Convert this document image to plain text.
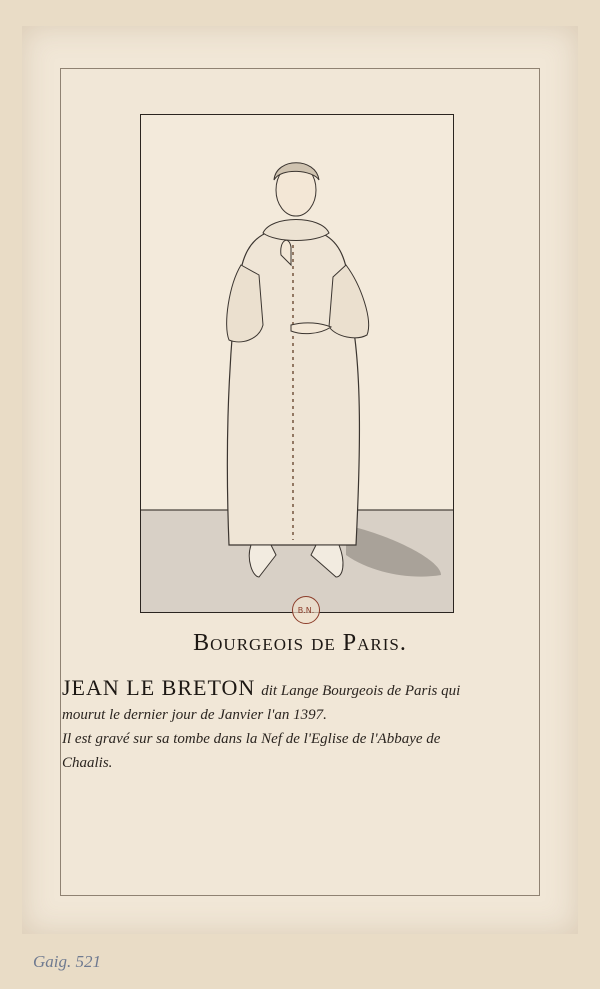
B.N.
Bourgeois de Paris.
JEAN LE BRETON dit Lange Bourgeois de Paris qui
mourut le dernier jour de Janvier l'an 1397.
Il est gravé sur sa tombe dans la Nef de l'Eglise de l'Abbaye de
Chaalis.
Gaig. 521
